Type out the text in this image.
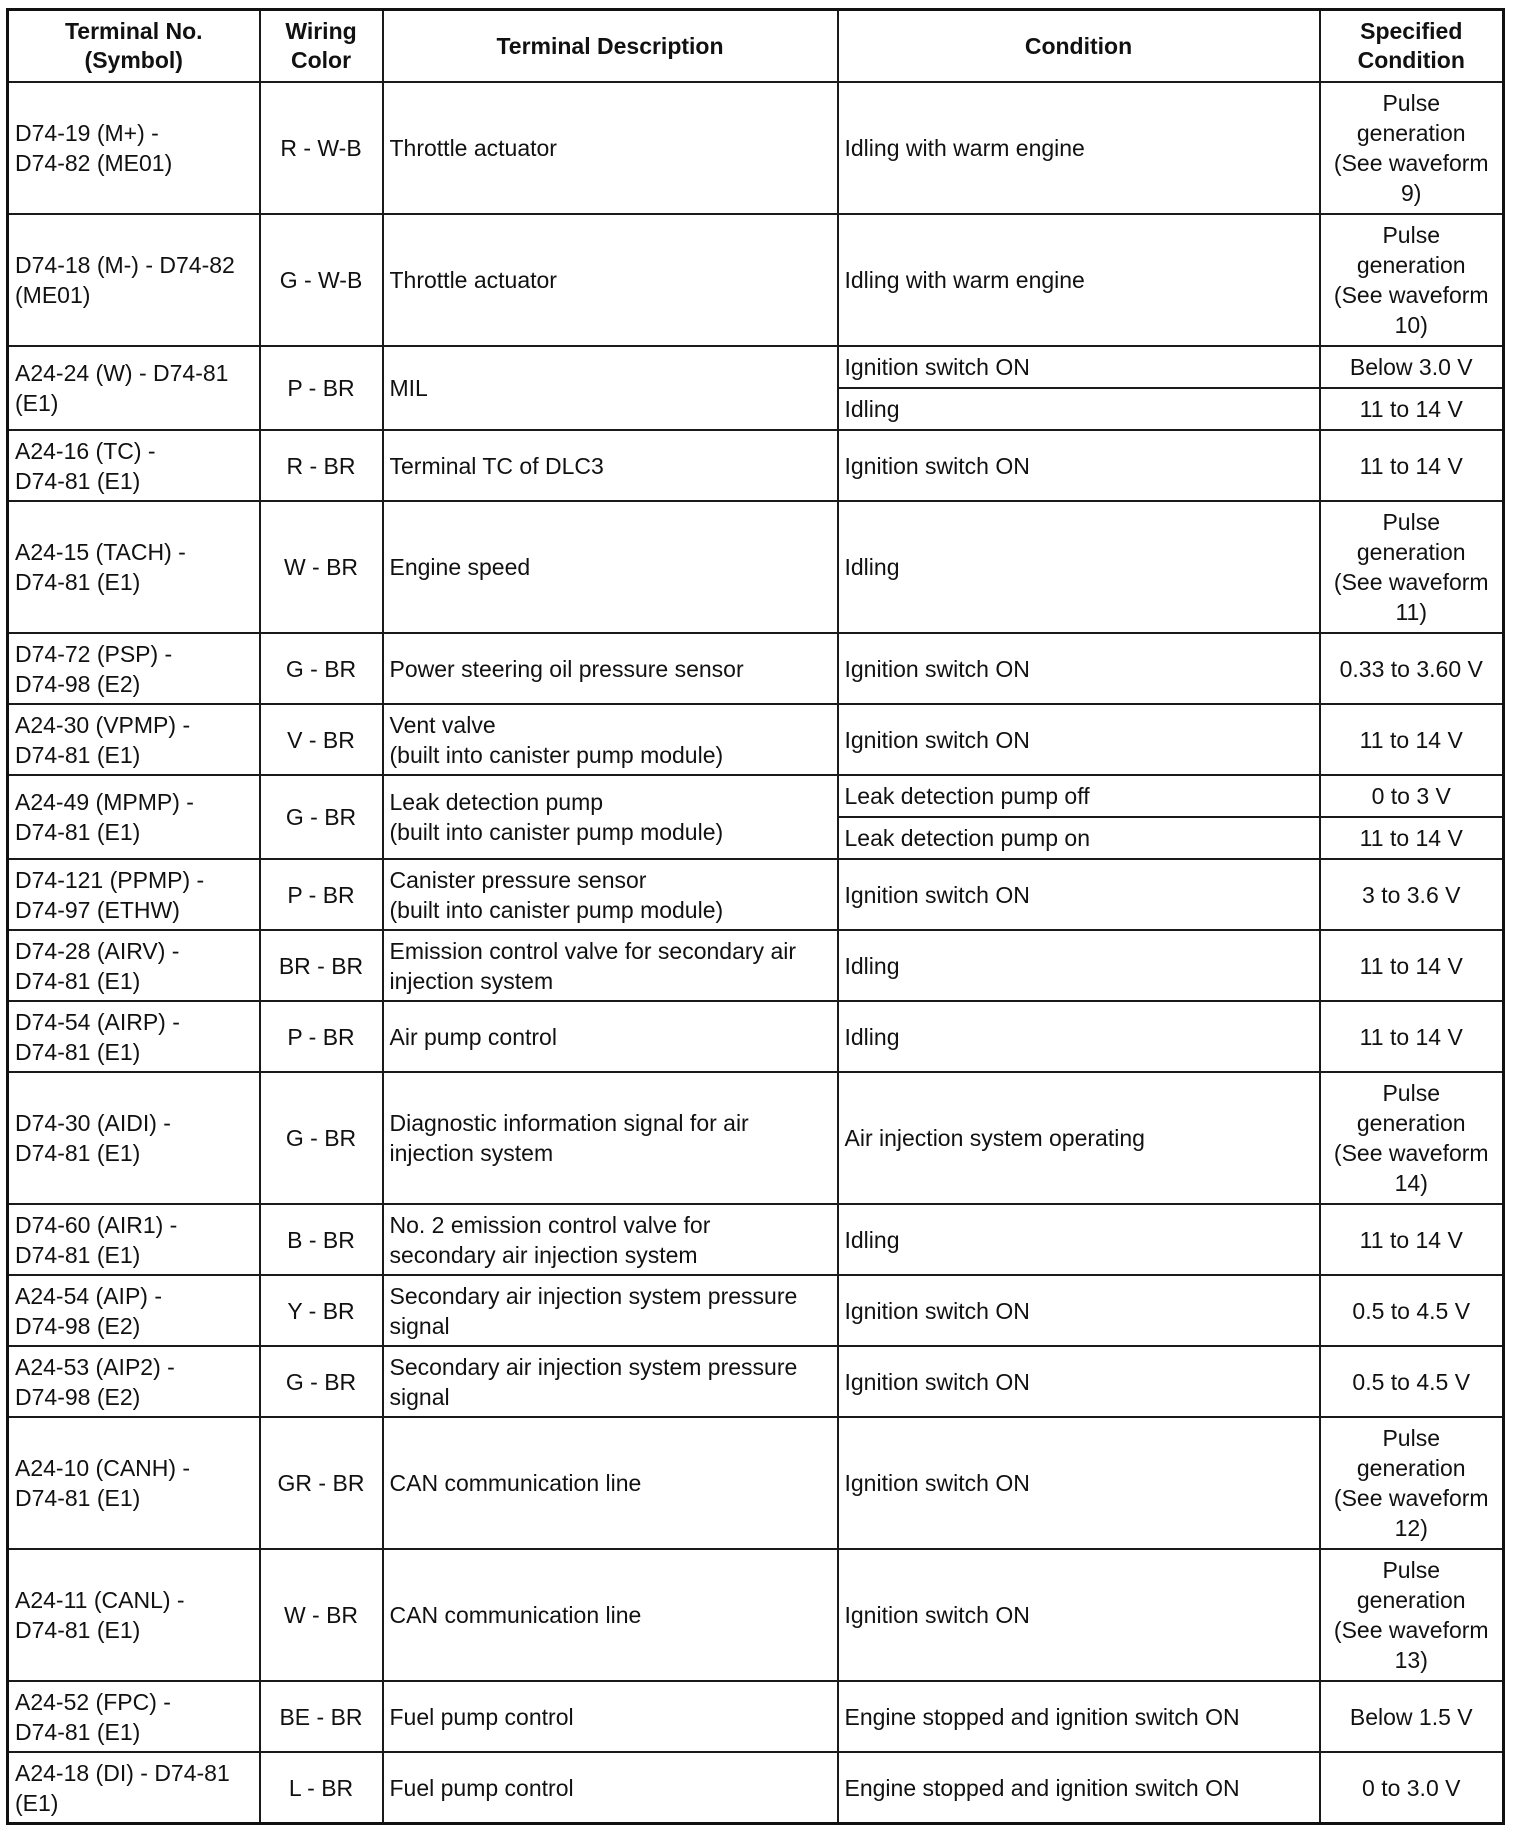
Terminal No.
(Symbol)	Wiring
Color	Terminal Description	Condition	Specified
Condition

D74-19 (M+) -
D74-82 (ME01)	R - W-B	Throttle actuator	Idling with warm engine	Pulse
generation
(See waveform
9)

D74-18 (M-) - D74-82
(ME01)	G - W-B	Throttle actuator	Idling with warm engine	Pulse
generation
(See waveform
10)

A24-24 (W) - D74-81
(E1)	P - BR	MIL	Ignition switch ON	Below 3.0 V
			Idling	11 to 14 V

A24-16 (TC) -
D74-81 (E1)	R - BR	Terminal TC of DLC3	Ignition switch ON	11 to 14 V

A24-15 (TACH) -
D74-81 (E1)	W - BR	Engine speed	Idling	Pulse
generation
(See waveform
11)

D74-72 (PSP) -
D74-98 (E2)	G - BR	Power steering oil pressure sensor	Ignition switch ON	0.33 to 3.60 V

A24-30 (VPMP) -
D74-81 (E1)	V - BR	Vent valve
(built into canister pump module)	Ignition switch ON	11 to 14 V

A24-49 (MPMP) -
D74-81 (E1)	G - BR	Leak detection pump
(built into canister pump module)	Leak detection pump off	0 to 3 V
			Leak detection pump on	11 to 14 V

D74-121 (PPMP) -
D74-97 (ETHW)	P - BR	Canister pressure sensor
(built into canister pump module)	Ignition switch ON	3 to 3.6 V

D74-28 (AIRV) -
D74-81 (E1)	BR - BR	Emission control valve for secondary air
injection system	Idling	11 to 14 V

D74-54 (AIRP) -
D74-81 (E1)	P - BR	Air pump control	Idling	11 to 14 V

D74-30 (AIDI) -
D74-81 (E1)	G - BR	Diagnostic information signal for air
injection system	Air injection system operating	Pulse
generation
(See waveform
14)

D74-60 (AIR1) -
D74-81 (E1)	B - BR	No. 2 emission control valve for
secondary air injection system	Idling	11 to 14 V

A24-54 (AIP) -
D74-98 (E2)	Y - BR	Secondary air injection system pressure
signal	Ignition switch ON	0.5 to 4.5 V

A24-53 (AIP2) -
D74-98 (E2)	G - BR	Secondary air injection system pressure
signal	Ignition switch ON	0.5 to 4.5 V

A24-10 (CANH) -
D74-81 (E1)	GR - BR	CAN communication line	Ignition switch ON	Pulse
generation
(See waveform
12)

A24-11 (CANL) -
D74-81 (E1)	W - BR	CAN communication line	Ignition switch ON	Pulse
generation
(See waveform
13)

A24-52 (FPC) -
D74-81 (E1)	BE - BR	Fuel pump control	Engine stopped and ignition switch ON	Below 1.5 V

A24-18 (DI) - D74-81
(E1)	L - BR	Fuel pump control	Engine stopped and ignition switch ON	0 to 3.0 V
